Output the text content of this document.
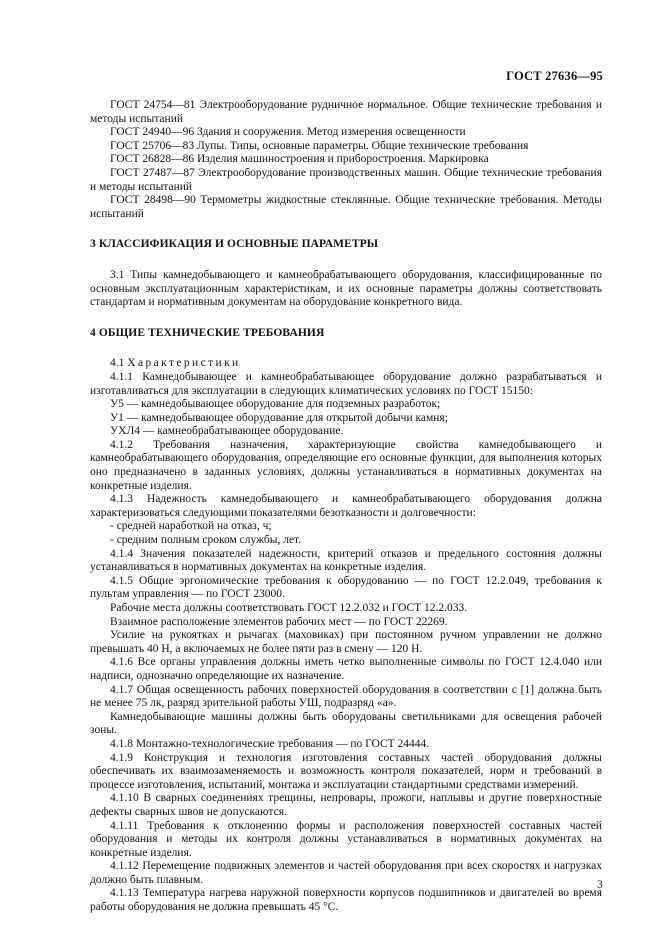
ГОСТ 27636—95

ГОСТ 24754—81 Электрооборудование рудничное нормальное. Общие технические требования и методы испытаний

ГОСТ 24940—96 Здания и сооружения. Метод измерения освещенности

ГОСТ 25706—83 Лупы. Типы, основные параметры. Общие технические требования

ГОСТ 26828—86 Изделия машиностроения и приборостроения. Маркировка

ГОСТ 27487—87 Электрооборудование производственных машин. Общие технические требования и методы испытаний

ГОСТ 28498—90 Термометры жидкостные стеклянные. Общие технические требования. Методы испытаний

3 КЛАССИФИКАЦИЯ И ОСНОВНЫЕ ПАРАМЕТРЫ

3.1 Типы камнедобывающего и камнеобрабатывающего оборудования, классифицированные по основным эксплуатационным характеристикам, и их основные параметры должны соответствовать стандартам и нормативным документам на оборудование конкретного вида.

4 ОБЩИЕ ТЕХНИЧЕСКИЕ ТРЕБОВАНИЯ

4.1 Характеристики

4.1.1 Камнедобывающее и камнеобрабатывающее оборудование должно разрабатываться и изготавливаться для эксплуатации в следующих климатических условиях по ГОСТ 15150:

У5 — камнедобывающее оборудование для подземных разработок;

У1 — камнедобывающее оборудование для открытой добычи камня;

УХЛ4 — камнеобрабатывающее оборудование.

4.1.2 Требования назначения, характеризующие свойства камнедобывающего и камнеобрабатывающего оборудования, определяющие его основные функции, для выполнения которых оно предназначено в заданных условиях, должны устанавливаться в нормативных документах на конкретные изделия.

4.1.3 Надежность камнедобывающего и камнеобрабатывающего оборудования должна характеризоваться следующими показателями безотказности и долговечности:

- средней наработкой на отказ, ч;

- средним полным сроком службы, лет.

4.1.4 Значения показателей надежности, критерий отказов и предельного состояния должны устанавливаться в нормативных документах на конкретные изделия.

4.1.5 Общие эргономические требования к оборудованию — по ГОСТ 12.2.049, требования к пультам управления — по ГОСТ 23000.

Рабочие места должны соответствовать ГОСТ 12.2.032 и ГОСТ 12.2.033.

Взаимное расположение элементов рабочих мест — по ГОСТ 22269.

Усилие на рукоятках и рычагах (маховиках) при постоянном ручном управлении не должно превышать 40 Н, а включаемых не более пяти раз в смену — 120 Н.

4.1.6 Все органы управления должны иметь четко выполненные символы по ГОСТ 12.4.040 или надписи, однозначно определяющие их назначение.

4.1.7 Общая освещенность рабочих поверхностей оборудования в соответствии с [1] должна быть не менее 75 лк, разряд зрительной работы УШ, подразряд «а».

Камнедобывающие машины должны быть оборудованы светильниками для освещения рабочей зоны.

4.1.8 Монтажно-технологические требования — по ГОСТ 24444.

4.1.9 Конструкция и технология изготовления составных частей оборудования должны обеспечивать их взаимозаменяемость и возможность контроля показателей, норм и требований в процессе изготовления, испытаний, монтажа и эксплуатации стандартными средствами измерений.

4.1.10 В сварных соединениях трещины, непровары, прожоги, наплывы и другие поверхностные дефекты сварных швов не допускаются.

4.1.11 Требования к отклонению формы и расположения поверхностей составных частей оборудования и методы их контроля должны устанавливаться в нормативных документах на конкретные изделия.

4.1.12 Перемещение подвижных элементов и частей оборудования при всех скоростях и нагрузках должно быть плавным.

4.1.13 Температура нагрева наружной поверхности корпусов подшипников и двигателей во время работы оборудования не должна превышать 45 °С.

3
